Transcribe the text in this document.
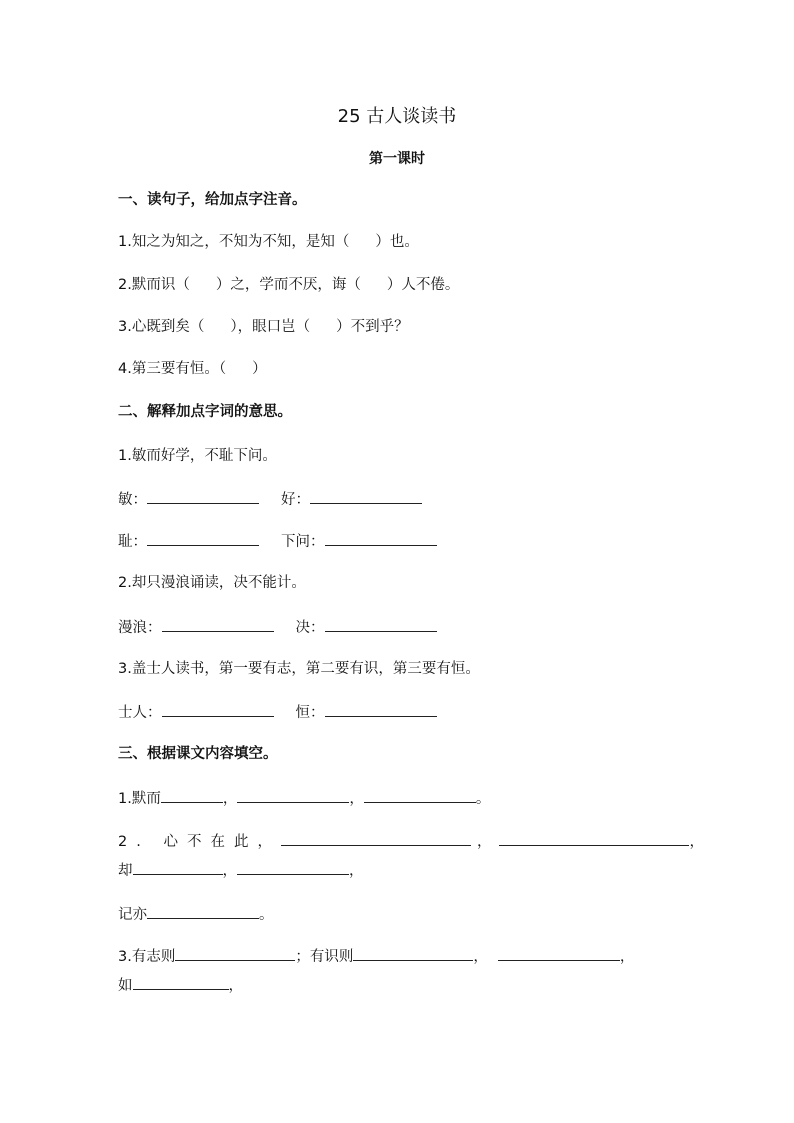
25 古人谈读书
第一课时
一、读句子，给加点字注音。
1.知之为知之，不知为不知，是知（ ）也。
2.默而识（ ）之，学而不厌，诲（ ）人不倦。
3.心既到矣（ ），眼口岂（ ）不到乎？
4.第三要有恒。（ ）
二、解释加点字词的意思。
1.敏而好学，不耻下问。
敏：	好：
耻：	下问：
2.却只漫浪诵读，决不能计。
漫浪：	决：
3.盖士人读书，第一要有志，第二要有识，第三要有恒。
士人：	恒：
三、根据课文内容填空。
1.默而	，	，	。
2. 心不在此，	，	，
却	，	，
记亦	。
3.有志则	；有识则	，	，
如	，
